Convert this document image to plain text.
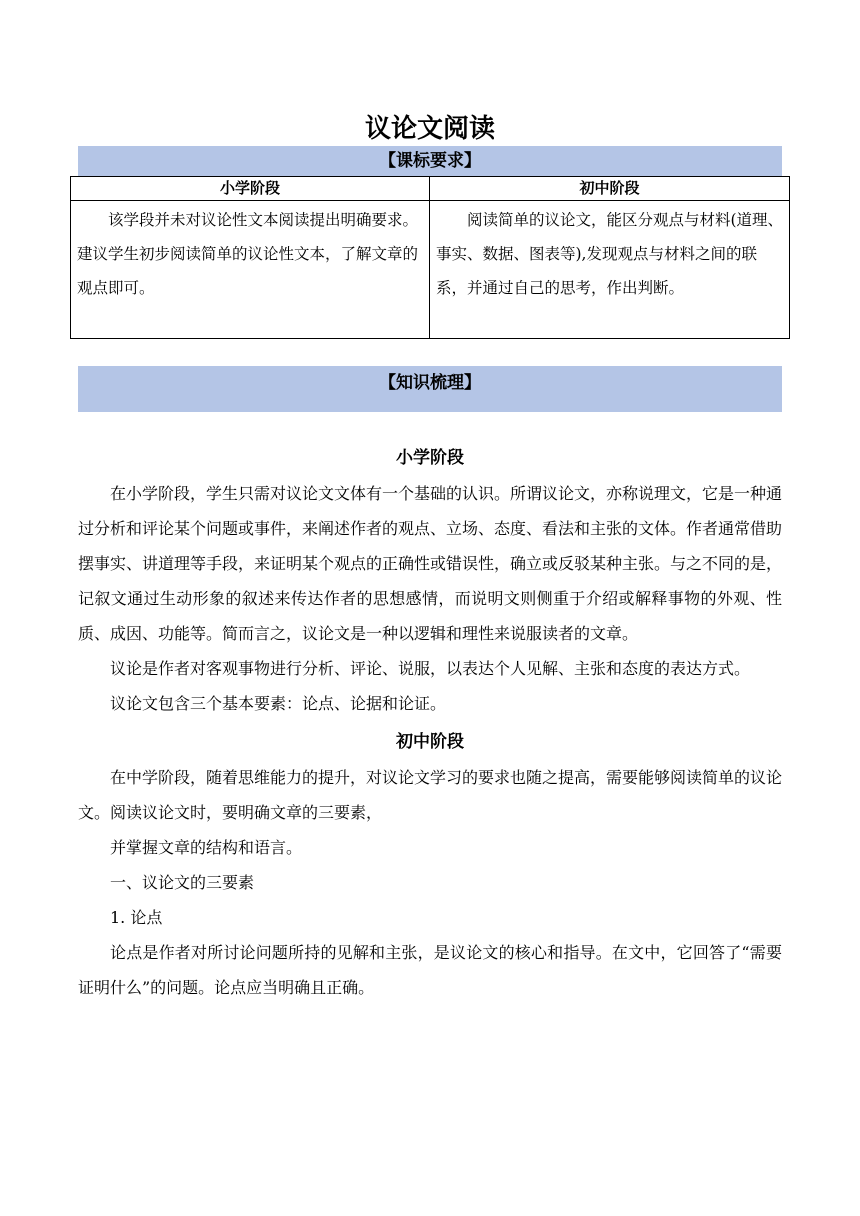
议论文阅读
【课标要求】
小学阶段	初中阶段

该学段并未对议论性文本阅读提出明确要求。建议学生初步阅读简单的议论性文本，了解文章的观点即可。	阅读简单的议论文，能区分观点与材料(道理、事实、数据、图表等),发现观点与材料之间的联系，并通过自己的思考，作出判断。
【知识梳理】
小学阶段

在小学阶段，学生只需对议论文文体有一个基础的认识。所谓议论文，亦称说理文，它是一种通过分析和评论某个问题或事件，来阐述作者的观点、立场、态度、看法和主张的文体。作者通常借助摆事实、讲道理等手段，来证明某个观点的正确性或错误性，确立或反驳某种主张。与之不同的是，记叙文通过生动形象的叙述来传达作者的思想感情，而说明文则侧重于介绍或解释事物的外观、性质、成因、功能等。简而言之，议论文是一种以逻辑和理性来说服读者的文章。

议论是作者对客观事物进行分析、评论、说服，以表达个人见解、主张和态度的表达方式。

议论文包含三个基本要素：论点、论据和论证。

初中阶段

在中学阶段，随着思维能力的提升，对议论文学习的要求也随之提高，需要能够阅读简单的议论文。阅读议论文时，要明确文章的三要素，

并掌握文章的结构和语言。

一、议论文的三要素

1. 论点

论点是作者对所讨论问题所持的见解和主张，是议论文的核心和指导。在文中，它回答了“需要证明什么”的问题。论点应当明确且正确。
